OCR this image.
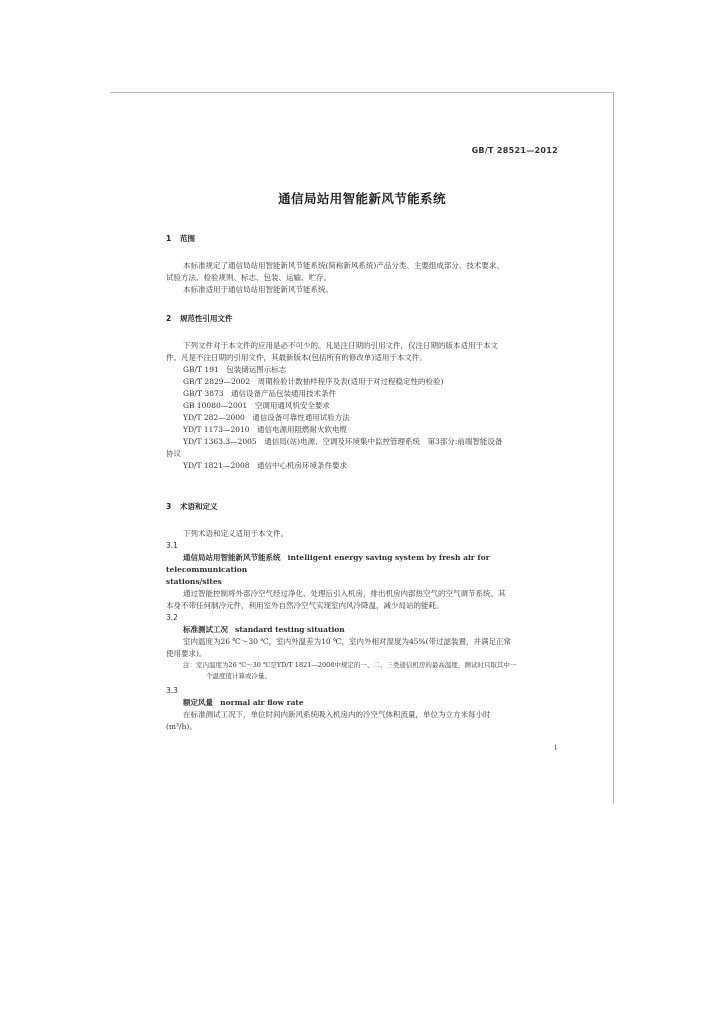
GB/T 28521—2012
通信局站用智能新风节能系统
1 范围
本标准规定了通信局站用智能新风节能系统(简称新风系统)产品分类、主要组成部分、技术要求、
试验方法、检验规则、标志、包装、运输、贮存。
本标准适用于通信局站用智能新风节能系统。
2 规范性引用文件
下列文件对于本文件的应用是必不可少的。凡是注日期的引用文件，仅注日期的版本适用于本文
件。凡是不注日期的引用文件，其最新版本(包括所有的修改单)适用于本文件。
GB/T 191　包装储运图示标志
GB/T 2829—2002　周期检验计数抽样程序及表(适用于对过程稳定性的检验)
GB/T 3873　通信设备产品包装通用技术条件
GB 10080—2001　空调用通风机安全要求
YD/T 282—2000　通信设备可靠性通用试验方法
YD/T 1173—2010　通信电源用阻燃耐火软电缆
YD/T 1363.3—2005　通信局(站)电源、空调及环境集中监控管理系统　第3部分:前端智能设备
协议
YD/T 1821—2008　通信中心机房环境条件要求
3 术语和定义
下列术语和定义适用于本文件。
3.1
通信局站用智能新风节能系统 intelligent energy saving system by fresh air for telecommunication
stations/sites
通过智能控制将外部冷空气经过净化、处理后引入机房，排出机房内部热空气的空气调节系统。其
本身不带任何制冷元件，利用室外自然冷空气实现室内风冷降温，减少局站的能耗。
3.2
标准测试工况 standard testing situation
室内温度为26 ℃～30 ℃，室内外温差为10 ℃，室内外相对湿度为45%(带过滤装置，并满足正常
使用要求)。
注：室内温度为26 ℃～30 ℃是YD/T 1821—2008中规定的一、二、三类通信机房的最高温度，测试时只取其中一
个温度值计算或冷量。
3.3
额定风量 normal air flow rate
在标准测试工况下，单位时间内新风系统吸入机房内的冷空气体积流量，单位为立方米每小时
(m³/h)。
1
